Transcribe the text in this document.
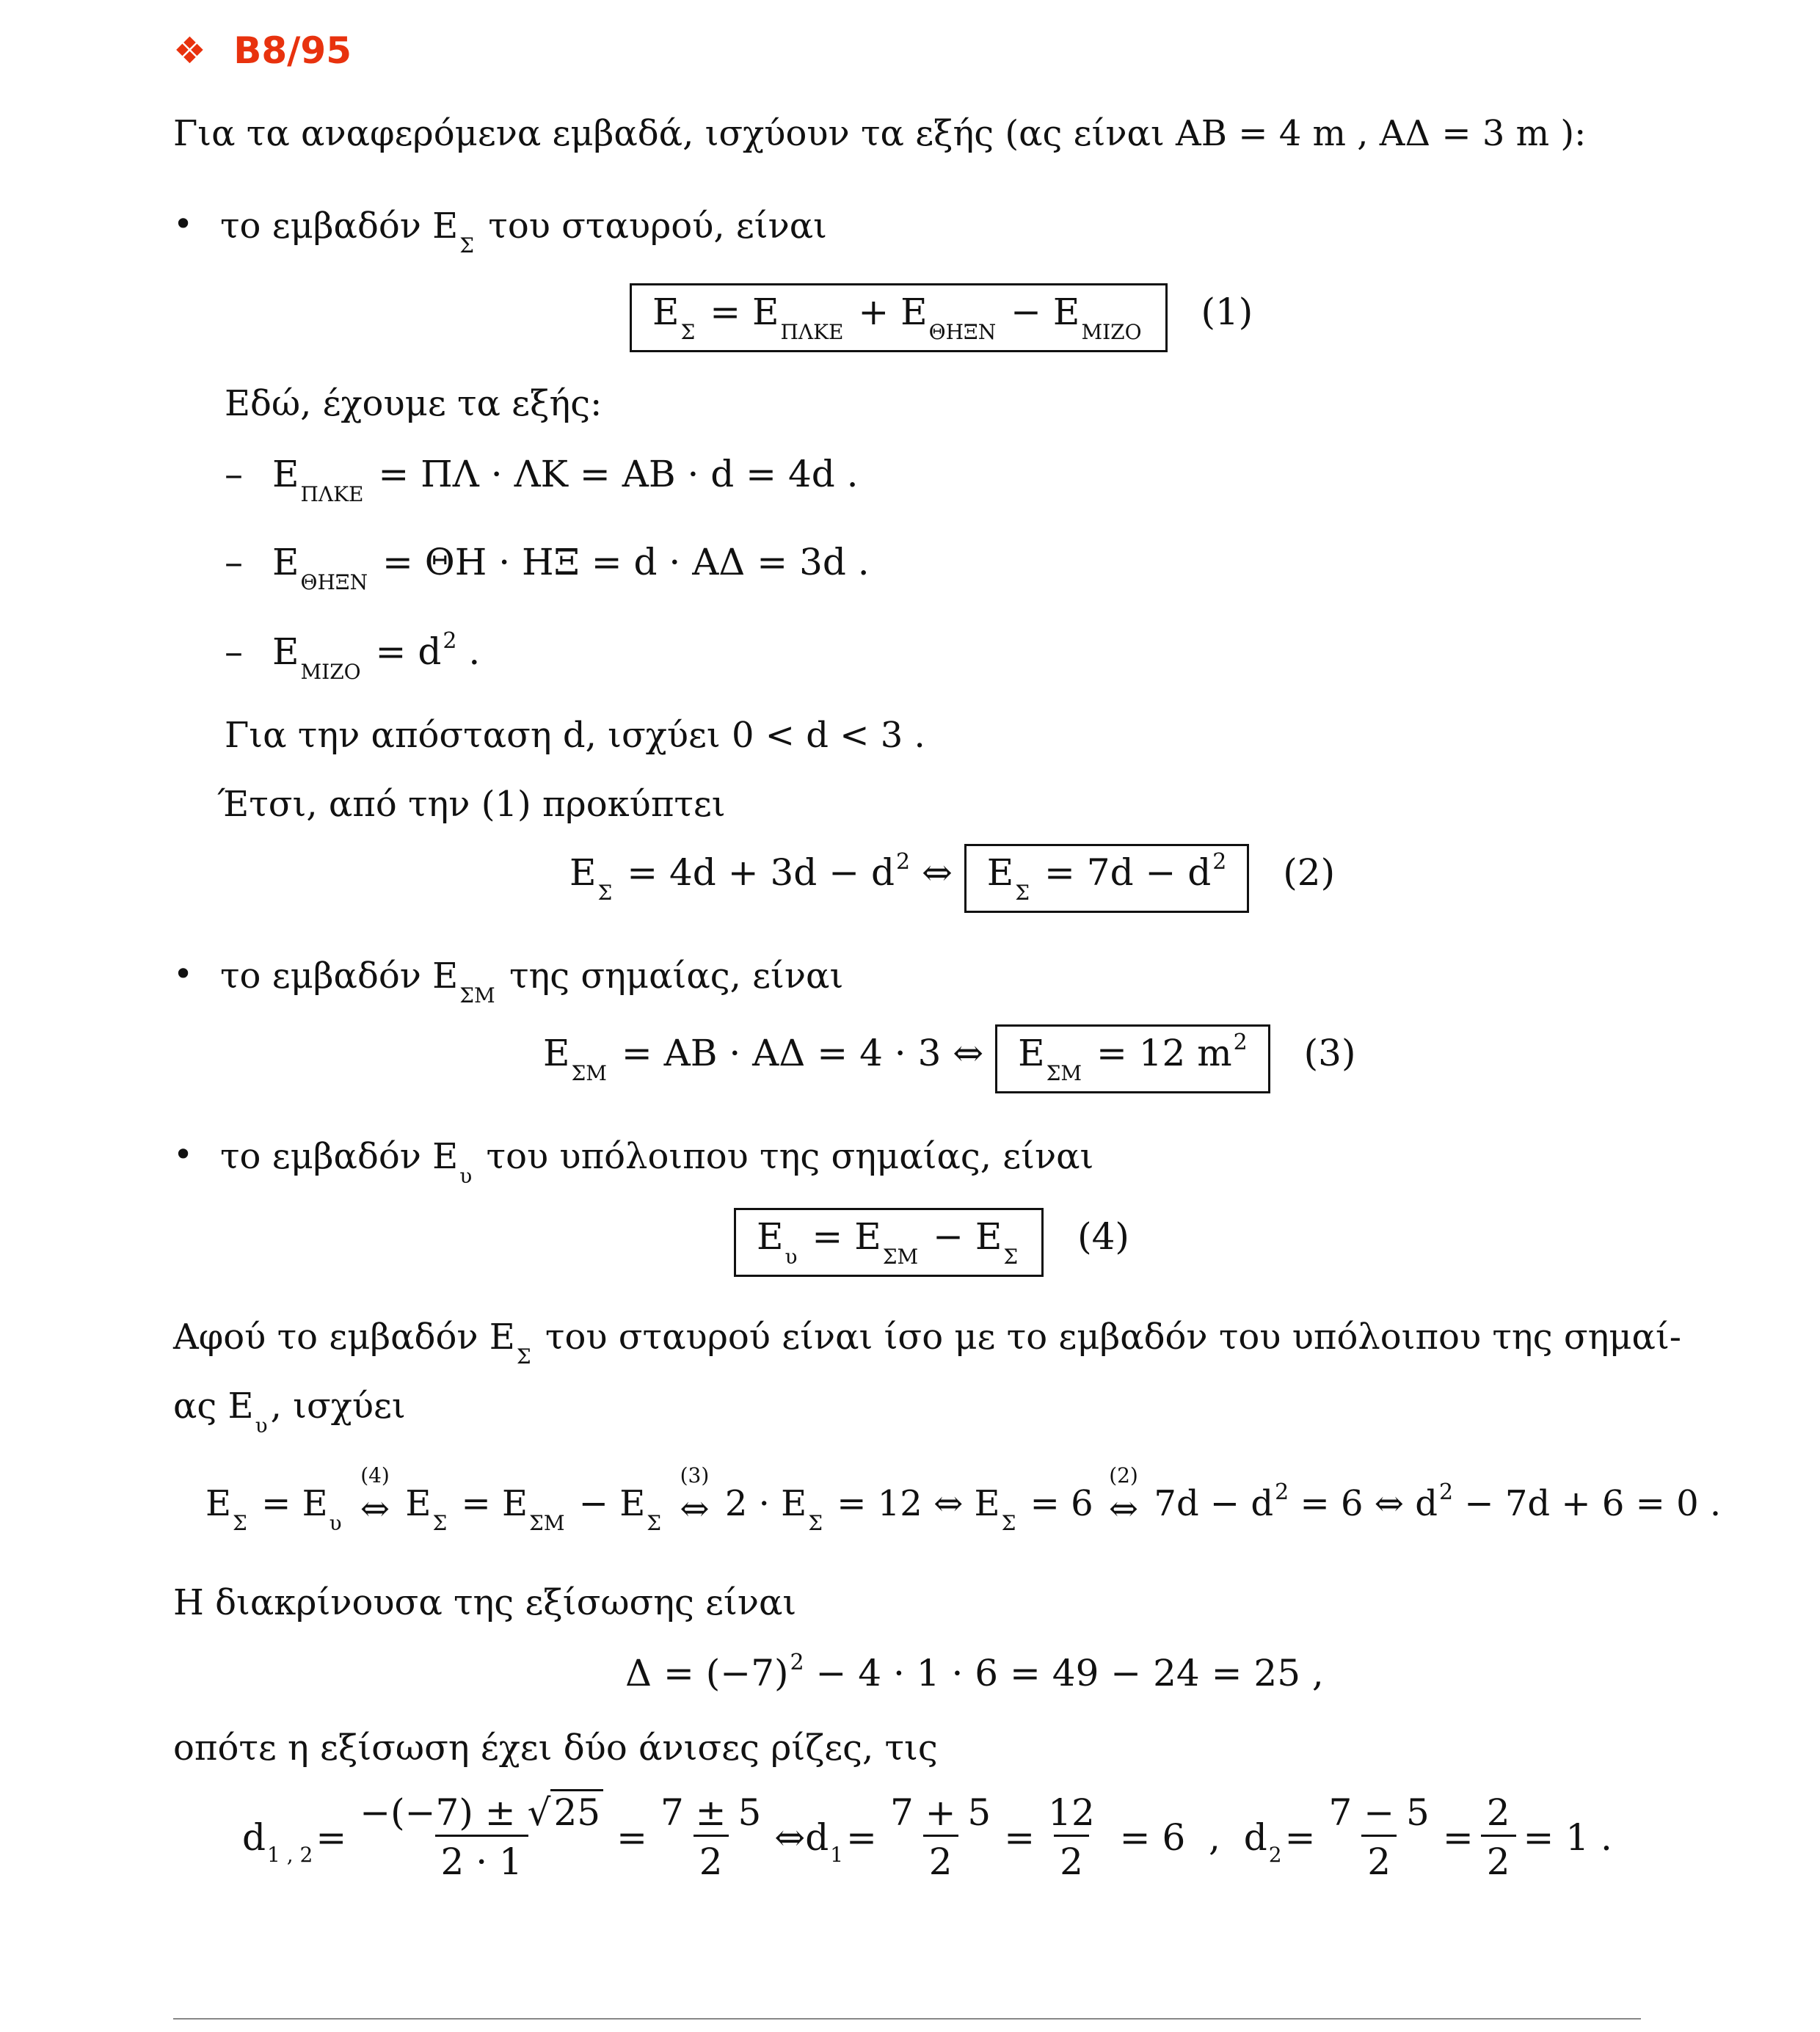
❖ B8/95
Για τα αναφερόμενα εμβαδά, ισχύουν τα εξής (ας είναι ΑΒ = 4 m , ΑΔ = 3 m ):
• το εμβαδόν $E_\Sigma$ του σταυρού, είναι
$E_\Sigma = E_{\Pi\Lambda KE} + E_{\Theta H\Xi N} - E_{MIZO}$ (1)
Εδώ, έχουμε τα εξής:
– $E_{\Pi\Lambda KE} = \Pi\Lambda \cdot \Lambda K = AB \cdot d = 4d$ .
– $E_{\Theta H\Xi N} = \Theta H \cdot H\Xi = d \cdot A\Delta = 3d$ .
– $E_{MIZO} = d^2$ .
Για την απόσταση d, ισχύει 0 < d < 3 .
Έτσι, από την (1) προκύπτει
$E_\Sigma = 4d + 3d - d^2$ ⇔ $E_\Sigma = 7d - d^2$ (2)
• το εμβαδόν $E_{\Sigma M}$ της σημαίας, είναι
$E_{\Sigma M} = AB \cdot A\Delta = 4 \cdot 3$ ⇔ $E_{\Sigma M} = 12$ $m^2$ (3)
• το εμβαδόν $E_\upsilon$ του υπόλοιπου της σημαίας, είναι
$E_\upsilon = E_{\Sigma M} - E_\Sigma$ (4)
Αφού το εμβαδόν $E_\Sigma$ του σταυρού είναι ίσο με το εμβαδόν του υπόλοιπου της σημαί-
ας $E_\upsilon$, ισχύει
$E_\Sigma = E_\upsilon$
(4)
⇔ $E_\Sigma = E_{\Sigma M} - E_\Sigma$
(3)
⇔ $2 \cdot E_\Sigma = 12$ ⇔ $E_\Sigma = 6$
(2)
⇔ $7d - d^2 = 6$ ⇔ $d^2 - 7d + 6 = 0$ .
Η διακρίνουσα της εξίσωσης είναι
$\Delta = (-7)^2 - 4 \cdot 1 \cdot 6 = 49 - 24 = 25$ ,
οπότε η εξίσωση έχει δύο άνισες ρίζες, τις
d 1 , $2 = \frac{-(-7) \pm √25}{2 \cdot 1} = \frac{7 \pm 5}{2}$ ⇔ d $1 = \frac{7 + 5}{2} = \frac{12}{2} = 6$  , d $2 = \frac{7 - 5}{2} = \frac{2}{2} = 1$ .
